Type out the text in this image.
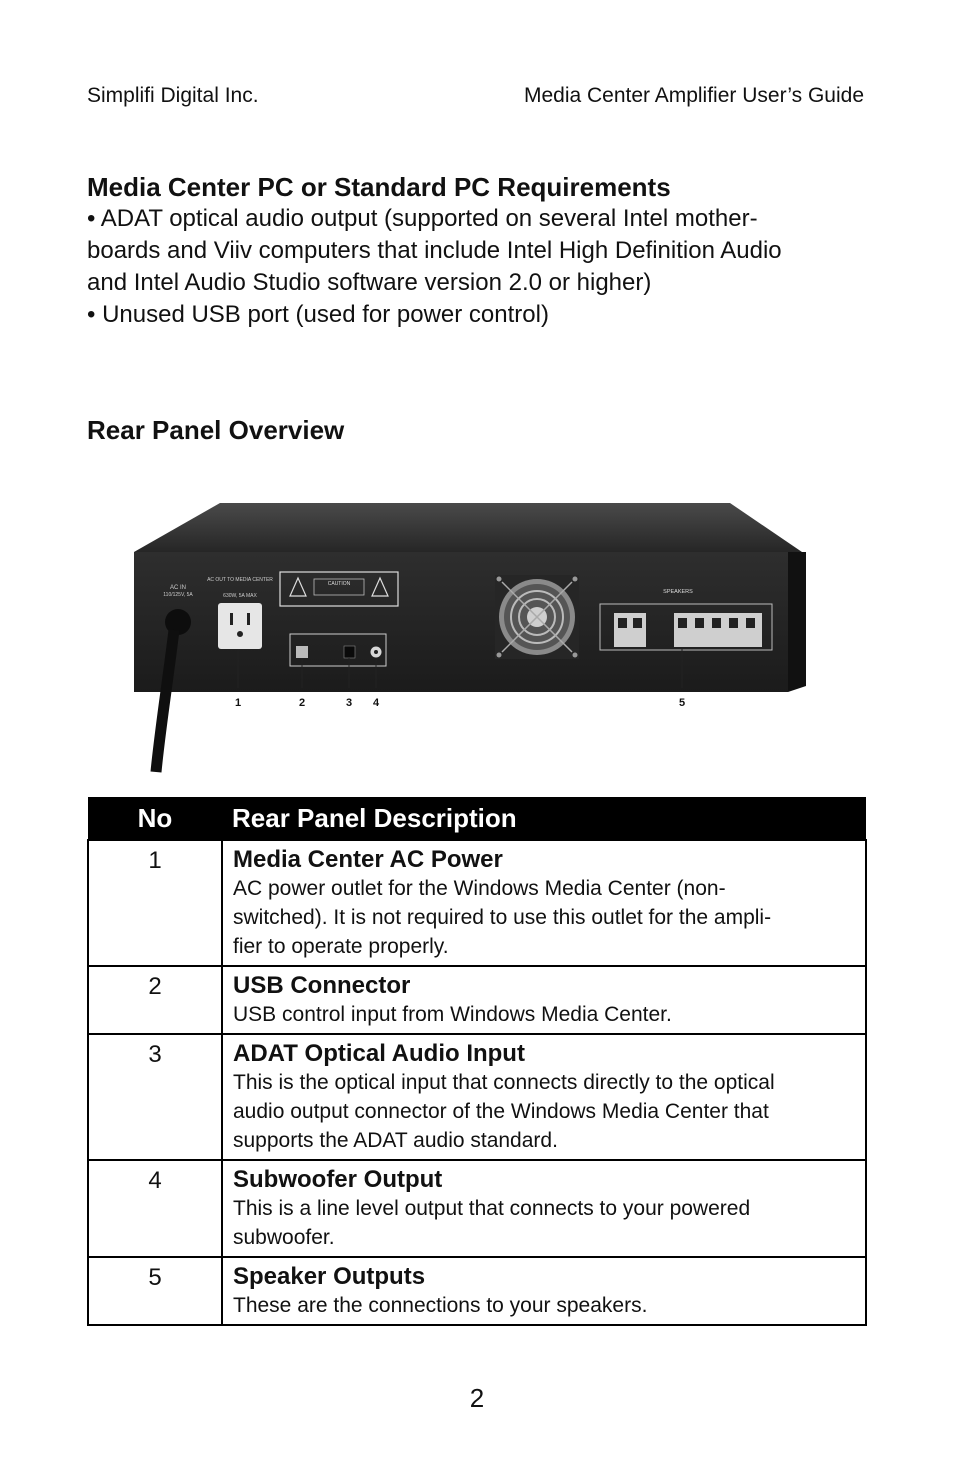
Simplifi Digital Inc.	Media Center Amplifier User’s Guide
Media Center PC or Standard PC Requirements
• ADAT optical audio output (supported on several Intel mother-
boards and Viiv computers that include Intel High Definition Audio
and Intel Audio Studio software version 2.0 or higher)
• Unused USB port (used for power control)
Rear Panel Overview
AC IN
110/125V, 5A
AC OUT TO MEDIA CENTER
630W, 5A MAX
CAUTION
SPEAKERS
1	2	3 4	5
No	Rear Panel Description
1	Media Center AC Power
AC power outlet for the Windows Media Center (non-
switched). It is not required to use this outlet for the ampli-
fier to operate properly.

2	USB Connector
USB control input from Windows Media Center.

3	ADAT Optical Audio Input
This is the optical input that connects directly to the optical
audio output connector of the Windows Media Center that
supports the ADAT audio standard.

4	Subwoofer Output
This is a line level output that connects to your powered
subwoofer.

5	Speaker Outputs
These are the connections to your speakers.
2
